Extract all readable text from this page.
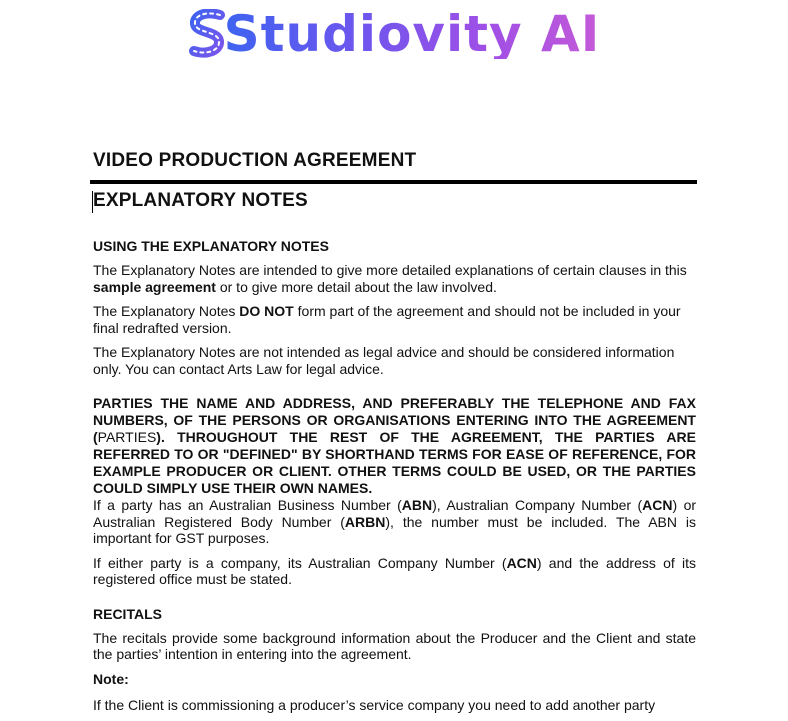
Studiovity AI
VIDEO PRODUCTION AGREEMENT
EXPLANATORY NOTES
USING THE EXPLANATORY NOTES

The Explanatory Notes are intended to give more detailed explanations of certain clauses in this sample agreement or to give more detail about the law involved.

The Explanatory Notes DO NOT form part of the agreement and should not be included in your final redrafted version.

The Explanatory Notes are not intended as legal advice and should be considered information only. You can contact Arts Law for legal advice.

PARTIES THE NAME AND ADDRESS, AND PREFERABLY THE TELEPHONE AND FAX NUMBERS, OF THE PERSONS OR ORGANISATIONS ENTERING INTO THE AGREEMENT (PARTIES). THROUGHOUT THE REST OF THE AGREEMENT, THE PARTIES ARE REFERRED TO OR "DEFINED" BY SHORTHAND TERMS FOR EASE OF REFERENCE, FOR EXAMPLE PRODUCER OR CLIENT. OTHER TERMS COULD BE USED, OR THE PARTIES COULD SIMPLY USE THEIR OWN NAMES.

If a party has an Australian Business Number (ABN), Australian Company Number (ACN) or Australian Registered Body Number (ARBN), the number must be included. The ABN is important for GST purposes.

If either party is a company, its Australian Company Number (ACN) and the address of its registered office must be stated.

RECITALS

The recitals provide some background information about the Producer and the Client and state the parties’ intention in entering into the agreement.

Note:

If the Client is commissioning a producer’s service company you need to add another party
